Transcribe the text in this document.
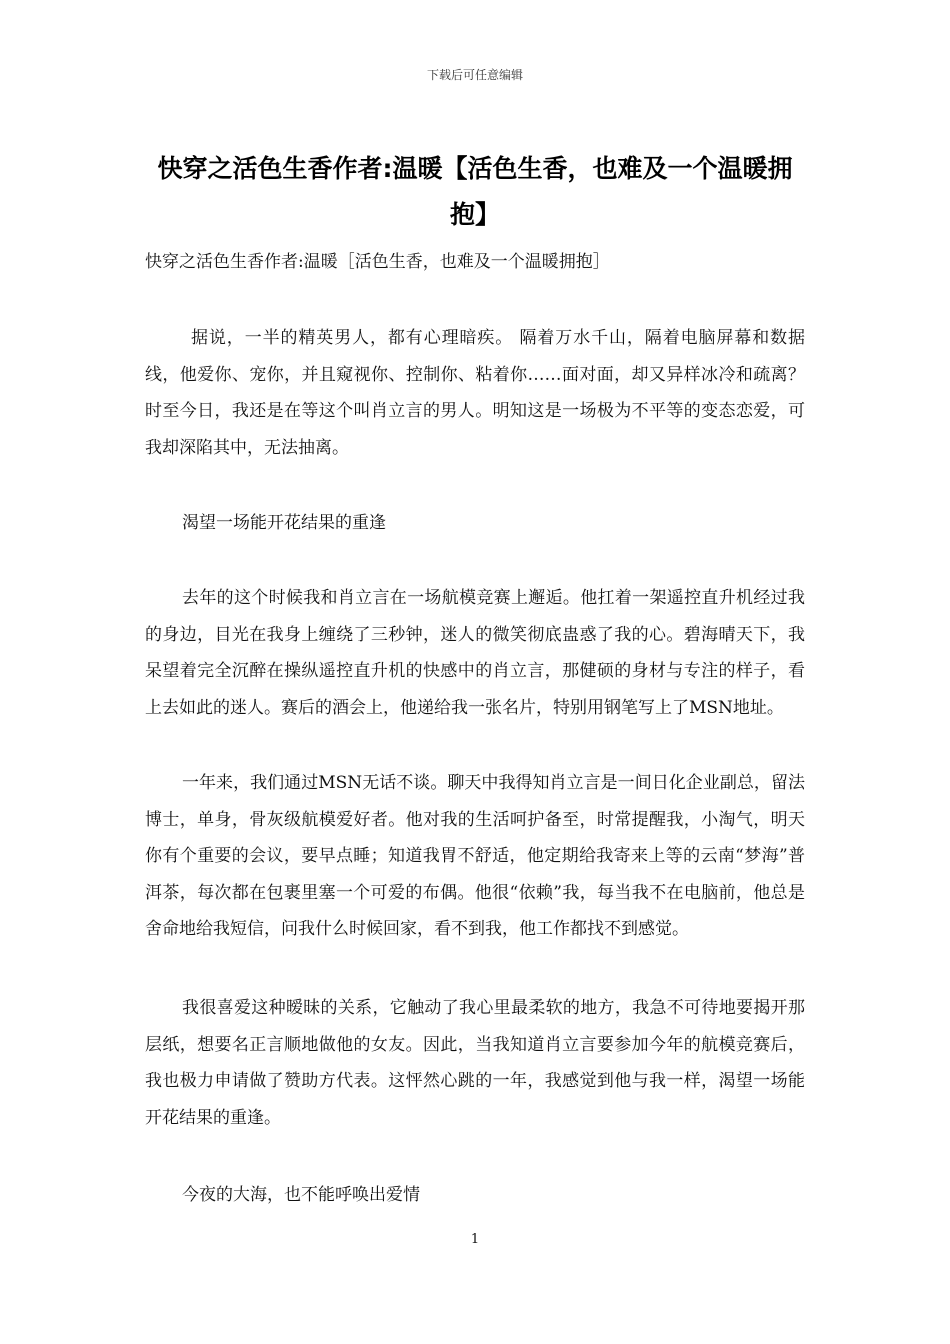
下载后可任意编辑
快穿之活色生香作者:温暖【活色生香，也难及一个温暖拥抱】
快穿之活色生香作者:温暖［活色生香，也难及一个温暖拥抱］

据说，一半的精英男人，都有心理暗疾。 隔着万水千山，隔着电脑屏幕和数据线，他爱你、宠你，并且窥视你、控制你、粘着你……面对面，却又异样冰冷和疏离？时至今日，我还是在等这个叫肖立言的男人。明知这是一场极为不平等的变态恋爱，可我却深陷其中，无法抽离。

渴望一场能开花结果的重逢

去年的这个时候我和肖立言在一场航模竞赛上邂逅。他扛着一架遥控直升机经过我的身边，目光在我身上缠绕了三秒钟，迷人的微笑彻底蛊惑了我的心。碧海晴天下，我呆望着完全沉醉在操纵遥控直升机的快感中的肖立言，那健硕的身材与专注的样子，看上去如此的迷人。赛后的酒会上，他递给我一张名片，特别用钢笔写上了MSN地址。

一年来，我们通过MSN无话不谈。聊天中我得知肖立言是一间日化企业副总，留法博士，单身，骨灰级航模爱好者。他对我的生活呵护备至，时常提醒我，小淘气，明天你有个重要的会议，要早点睡；知道我胃不舒适，他定期给我寄来上等的云南“梦海”普洱茶，每次都在包裹里塞一个可爱的布偶。他很“依赖”我，每当我不在电脑前，他总是舍命地给我短信，问我什么时候回家，看不到我，他工作都找不到感觉。

我很喜爱这种暧昧的关系，它触动了我心里最柔软的地方，我急不可待地要揭开那层纸，想要名正言顺地做他的女友。因此，当我知道肖立言要参加今年的航模竞赛后，我也极力申请做了赞助方代表。这怦然心跳的一年，我感觉到他与我一样，渴望一场能开花结果的重逢。

今夜的大海，也不能呼唤出爱情
1
